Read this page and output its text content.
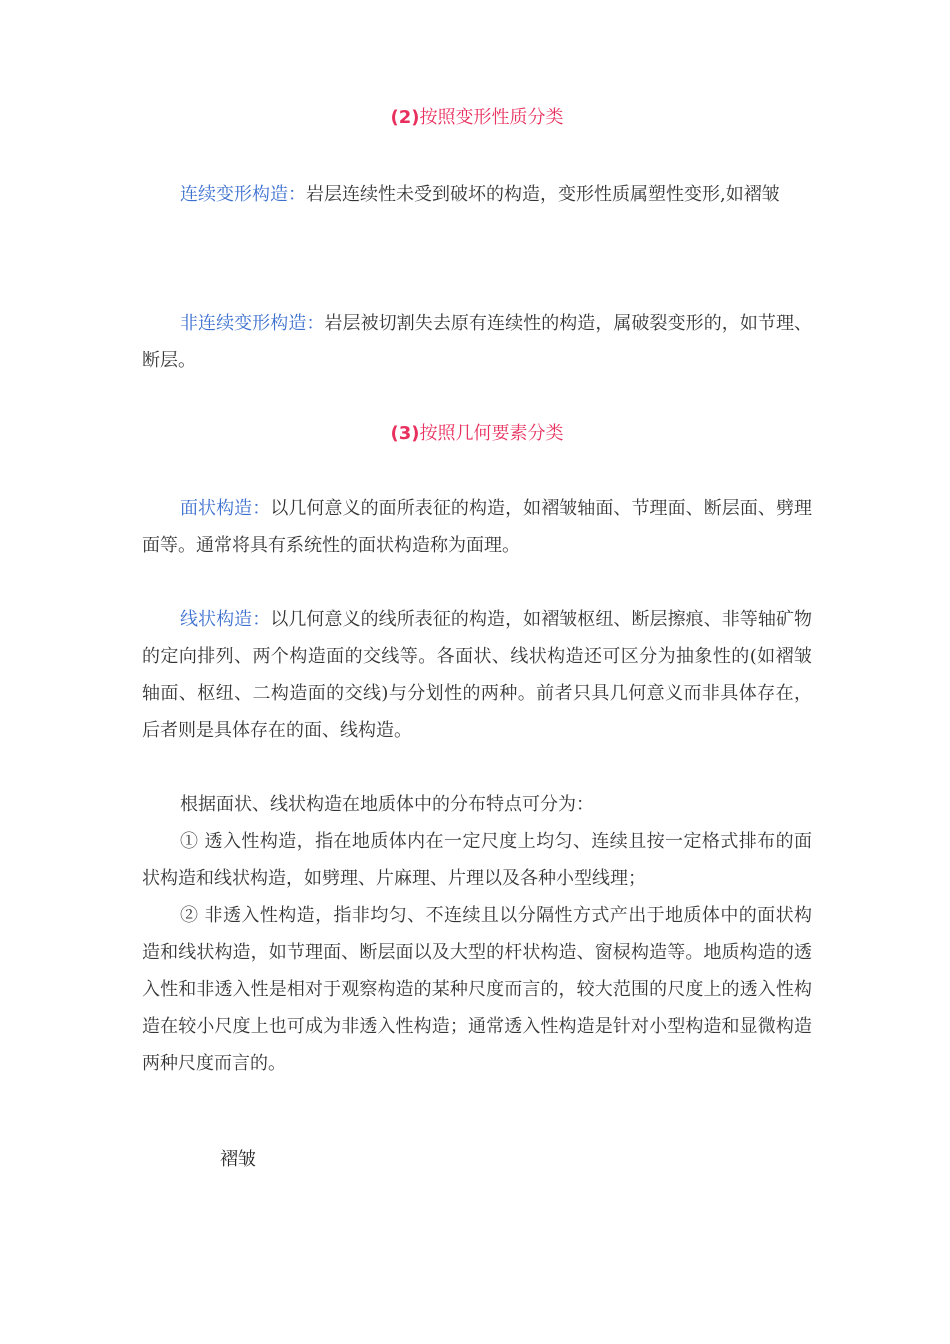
(2)按照变形性质分类
连续变形构造：岩层连续性未受到破坏的构造，变形性质属塑性变形,如褶皱
非连续变形构造：岩层被切割失去原有连续性的构造，属破裂变形的，如节理、断层。
(3)按照几何要素分类
面状构造：以几何意义的面所表征的构造，如褶皱轴面、节理面、断层面、劈理面等。通常将具有系统性的面状构造称为面理。
线状构造：以几何意义的线所表征的构造，如褶皱枢纽、断层擦痕、非等轴矿物的定向排列、两个构造面的交线等。各面状、线状构造还可区分为抽象性的(如褶皱轴面、枢纽、二构造面的交线)与分划性的两种。前者只具几何意义而非具体存在，后者则是具体存在的面、线构造。
根据面状、线状构造在地质体中的分布特点可分为：
① 透入性构造，指在地质体内在一定尺度上均匀、连续且按一定格式排布的面状构造和线状构造，如劈理、片麻理、片理以及各种小型线理；
② 非透入性构造，指非均匀、不连续且以分隔性方式产出于地质体中的面状构造和线状构造，如节理面、断层面以及大型的杆状构造、窗棂构造等。地质构造的透入性和非透入性是相对于观察构造的某种尺度而言的，较大范围的尺度上的透入性构造在较小尺度上也可成为非透入性构造；通常透入性构造是针对小型构造和显微构造两种尺度而言的。
褶皱
